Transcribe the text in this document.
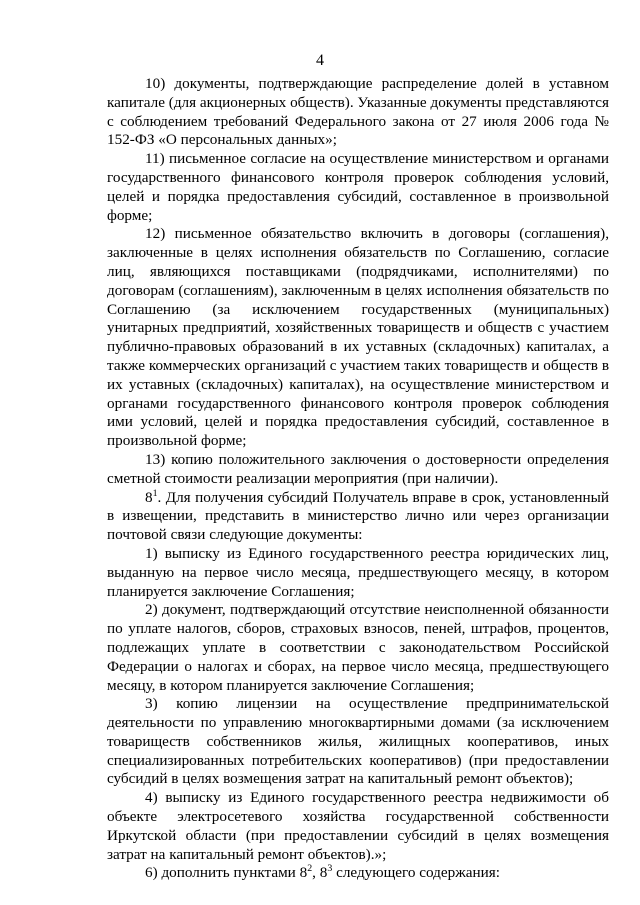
4

10) документы, подтверждающие распределение долей в уставном капитале (для акционерных обществ). Указанные документы представляются с соблюдением требований Федерального закона от 27 июля 2006 года № 152-ФЗ «О персональных данных»;

11) письменное согласие на осуществление министерством и органами государственного финансового контроля проверок соблюдения условий, целей и порядка предоставления субсидий, составленное в произвольной форме;

12) письменное обязательство включить в договоры (соглашения), заключенные в целях исполнения обязательств по Соглашению, согласие лиц, являющихся поставщиками (подрядчиками, исполнителями) по договорам (соглашениям), заключенным в целях исполнения обязательств по Соглашению (за исключением государственных (муниципальных) унитарных предприятий, хозяйственных товариществ и обществ с участием публично-правовых образований в их уставных (складочных) капиталах, а также коммерческих организаций с участием таких товариществ и обществ в их уставных (складочных) капиталах), на осуществление министерством и органами государственного финансового контроля проверок соблюдения ими условий, целей и порядка предоставления субсидий, составленное в произвольной форме;

13) копию положительного заключения о достоверности определения сметной стоимости реализации мероприятия (при наличии).

$8^1$. Для получения субсидий Получатель вправе в срок, установленный в извещении, представить в министерство лично или через организации почтовой связи следующие документы:

1) выписку из Единого государственного реестра юридических лиц, выданную на первое число месяца, предшествующего месяцу, в котором планируется заключение Соглашения;

2) документ, подтверждающий отсутствие неисполненной обязанности по уплате налогов, сборов, страховых взносов, пеней, штрафов, процентов, подлежащих уплате в соответствии с законодательством Российской Федерации о налогах и сборах, на первое число месяца, предшествующего месяцу, в котором планируется заключение Соглашения;

3) копию лицензии на осуществление предпринимательской деятельности по управлению многоквартирными домами (за исключением товариществ собственников жилья, жилищных кооперативов, иных специализированных потребительских кооперативов) (при предоставлении субсидий в целях возмещения затрат на капитальный ремонт объектов);

4) выписку из Единого государственного реестра недвижимости об объекте электросетевого хозяйства государственной собственности Иркутской области (при предоставлении субсидий в целях возмещения затрат на капитальный ремонт объектов).»;

6) дополнить пунктами $8^2$, $8^3$ следующего содержания:
